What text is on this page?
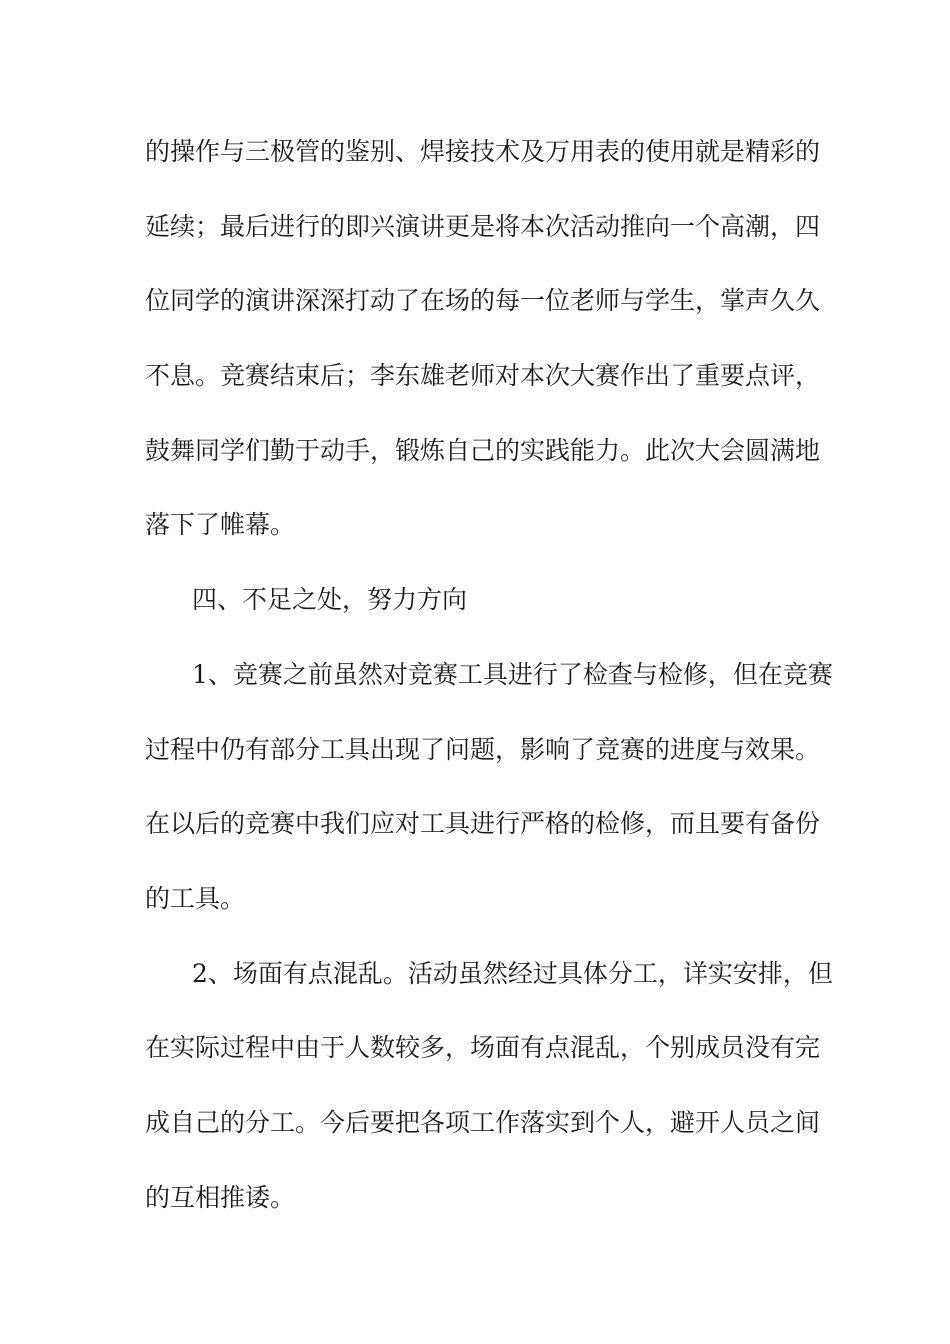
的操作与三极管的鉴别、焊接技术及万用表的使用就是精彩的
延续；最后进行的即兴演讲更是将本次活动推向一个高潮，四
位同学的演讲深深打动了在场的每一位老师与学生，掌声久久
不息。竞赛结束后；李东雄老师对本次大赛作出了重要点评，
鼓舞同学们勤于动手，锻炼自己的实践能力。此次大会圆满地
落下了帷幕。
四、不足之处，努力方向
1、竞赛之前虽然对竞赛工具进行了检查与检修，但在竞赛
过程中仍有部分工具出现了问题，影响了竞赛的进度与效果。
在以后的竞赛中我们应对工具进行严格的检修，而且要有备份
的工具。
2、场面有点混乱。活动虽然经过具体分工，详实安排，但
在实际过程中由于人数较多，场面有点混乱，个别成员没有完
成自己的分工。今后要把各项工作落实到个人，避开人员之间
的互相推诿。
